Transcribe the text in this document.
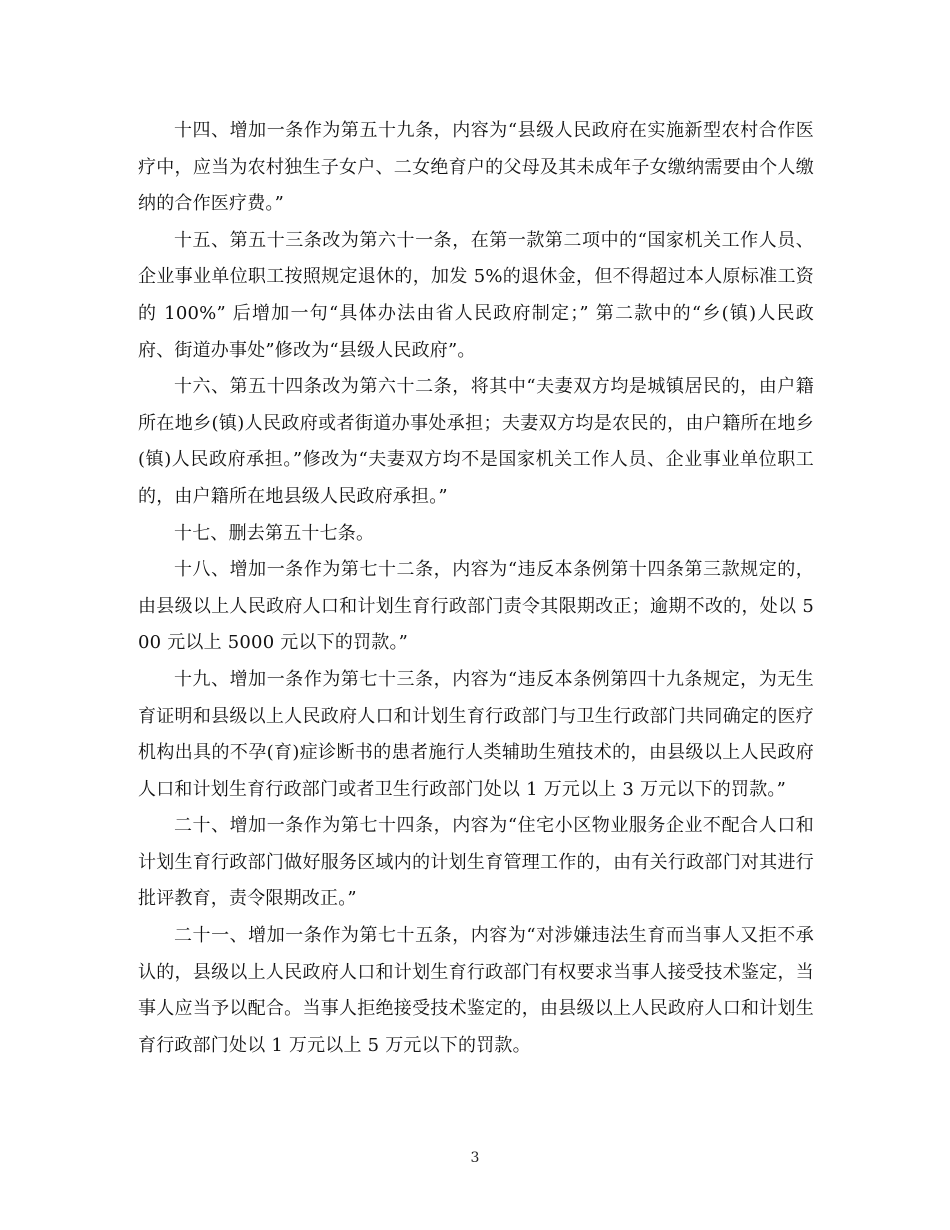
十四、增加一条作为第五十九条，内容为“县级人民政府在实施新型农村合作医疗中，应当为农村独生子女户、二女绝育户的父母及其未成年子女缴纳需要由个人缴纳的合作医疗费。”

十五、第五十三条改为第六十一条，在第一款第二项中的“国家机关工作人员、企业事业单位职工按照规定退休的，加发 5%的退休金，但不得超过本人原标准工资的 100%” 后增加一句“具体办法由省人民政府制定；” 第二款中的“乡(镇)人民政府、街道办事处”修改为“县级人民政府”。

十六、第五十四条改为第六十二条，将其中“夫妻双方均是城镇居民的，由户籍所在地乡(镇)人民政府或者街道办事处承担；夫妻双方均是农民的，由户籍所在地乡(镇)人民政府承担。”修改为“夫妻双方均不是国家机关工作人员、企业事业单位职工的，由户籍所在地县级人民政府承担。”

十七、删去第五十七条。

十八、增加一条作为第七十二条，内容为“违反本条例第十四条第三款规定的，由县级以上人民政府人口和计划生育行政部门责令其限期改正；逾期不改的，处以 500 元以上 5000 元以下的罚款。”

十九、增加一条作为第七十三条，内容为“违反本条例第四十九条规定，为无生育证明和县级以上人民政府人口和计划生育行政部门与卫生行政部门共同确定的医疗机构出具的不孕(育)症诊断书的患者施行人类辅助生殖技术的，由县级以上人民政府人口和计划生育行政部门或者卫生行政部门处以 1 万元以上 3 万元以下的罚款。”

二十、增加一条作为第七十四条，内容为“住宅小区物业服务企业不配合人口和计划生育行政部门做好服务区域内的计划生育管理工作的，由有关行政部门对其进行批评教育，责令限期改正。”

二十一、增加一条作为第七十五条，内容为“对涉嫌违法生育而当事人又拒不承认的，县级以上人民政府人口和计划生育行政部门有权要求当事人接受技术鉴定，当事人应当予以配合。当事人拒绝接受技术鉴定的，由县级以上人民政府人口和计划生育行政部门处以 1 万元以上 5 万元以下的罚款。

3
